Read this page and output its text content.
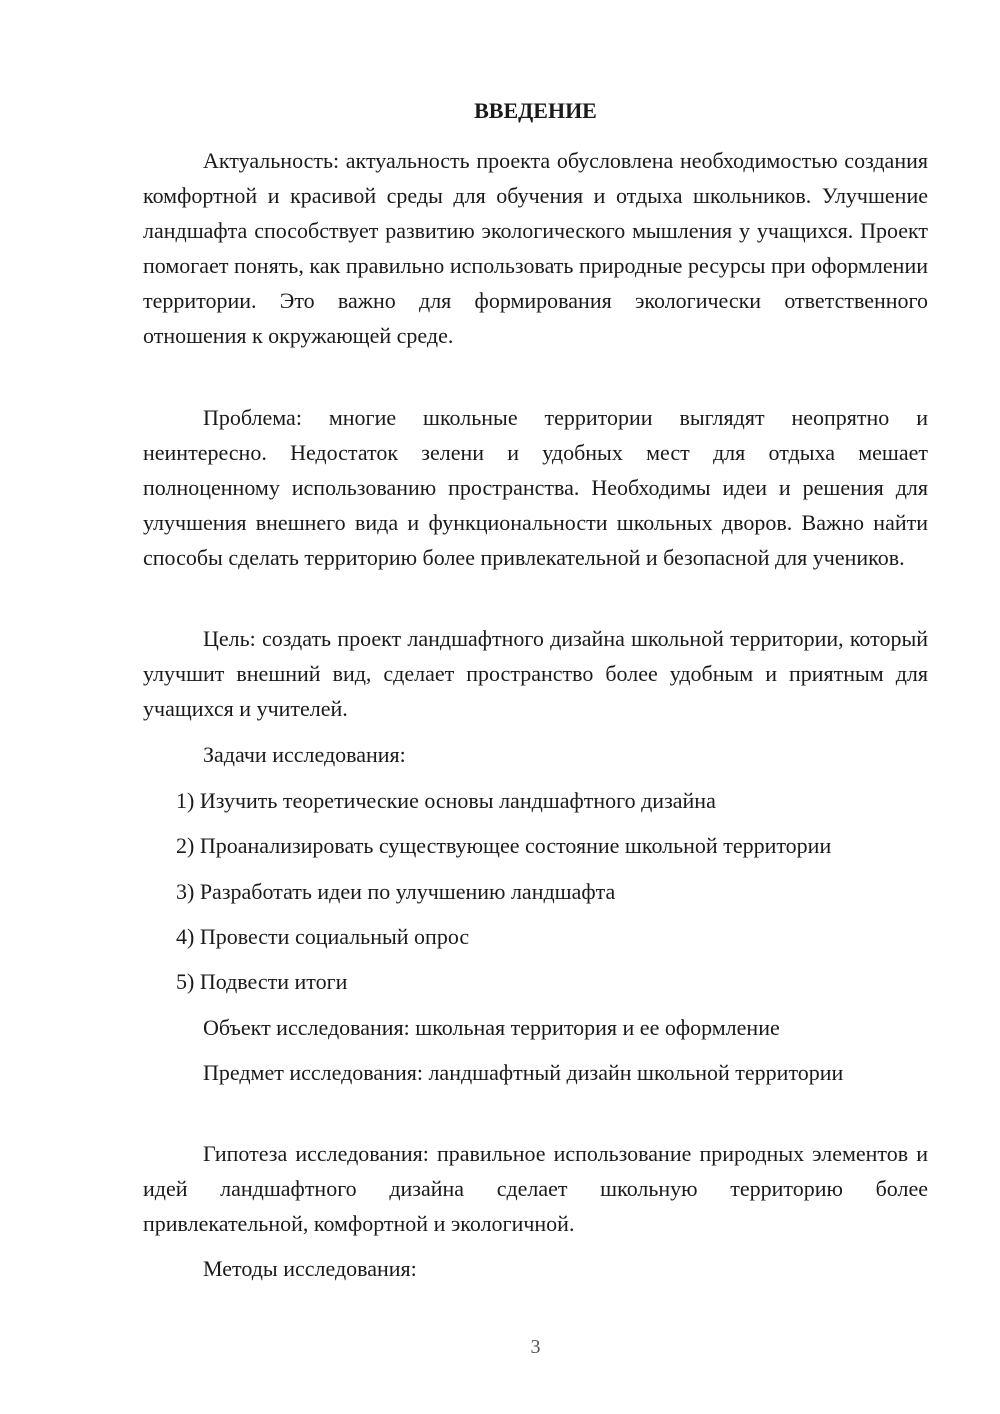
ВВЕДЕНИЕ

Актуальность: актуальность проекта обусловлена необходимостью создания комфортной и красивой среды для обучения и отдыха школьников. Улучшение ландшафта способствует развитию экологического мышления у учащихся. Проект помогает понять, как правильно использовать природные ресурсы при оформлении территории. Это важно для формирования экологически ответственного отношения к окружающей среде.

Проблема: многие школьные территории выглядят неопрятно и неинтересно. Недостаток зелени и удобных мест для отдыха мешает полноценному использованию пространства. Необходимы идеи и решения для улучшения внешнего вида и функциональности школьных дворов. Важно найти способы сделать территорию более привлекательной и безопасной для учеников.

Цель: создать проект ландшафтного дизайна школьной территории, который улучшит внешний вид, сделает пространство более удобным и приятным для учащихся и учителей.

Задачи исследования:

1) Изучить теоретические основы ландшафтного дизайна

2) Проанализировать существующее состояние школьной территории

3) Разработать идеи по улучшению ландшафта

4) Провести социальный опрос

5) Подвести итоги

Объект исследования: школьная территория и ее оформление

Предмет исследования: ландшафтный дизайн школьной территории

Гипотеза исследования: правильное использование природных элементов и идей ландшафтного дизайна сделает школьную территорию более привлекательной, комфортной и экологичной.

Методы исследования:

3
